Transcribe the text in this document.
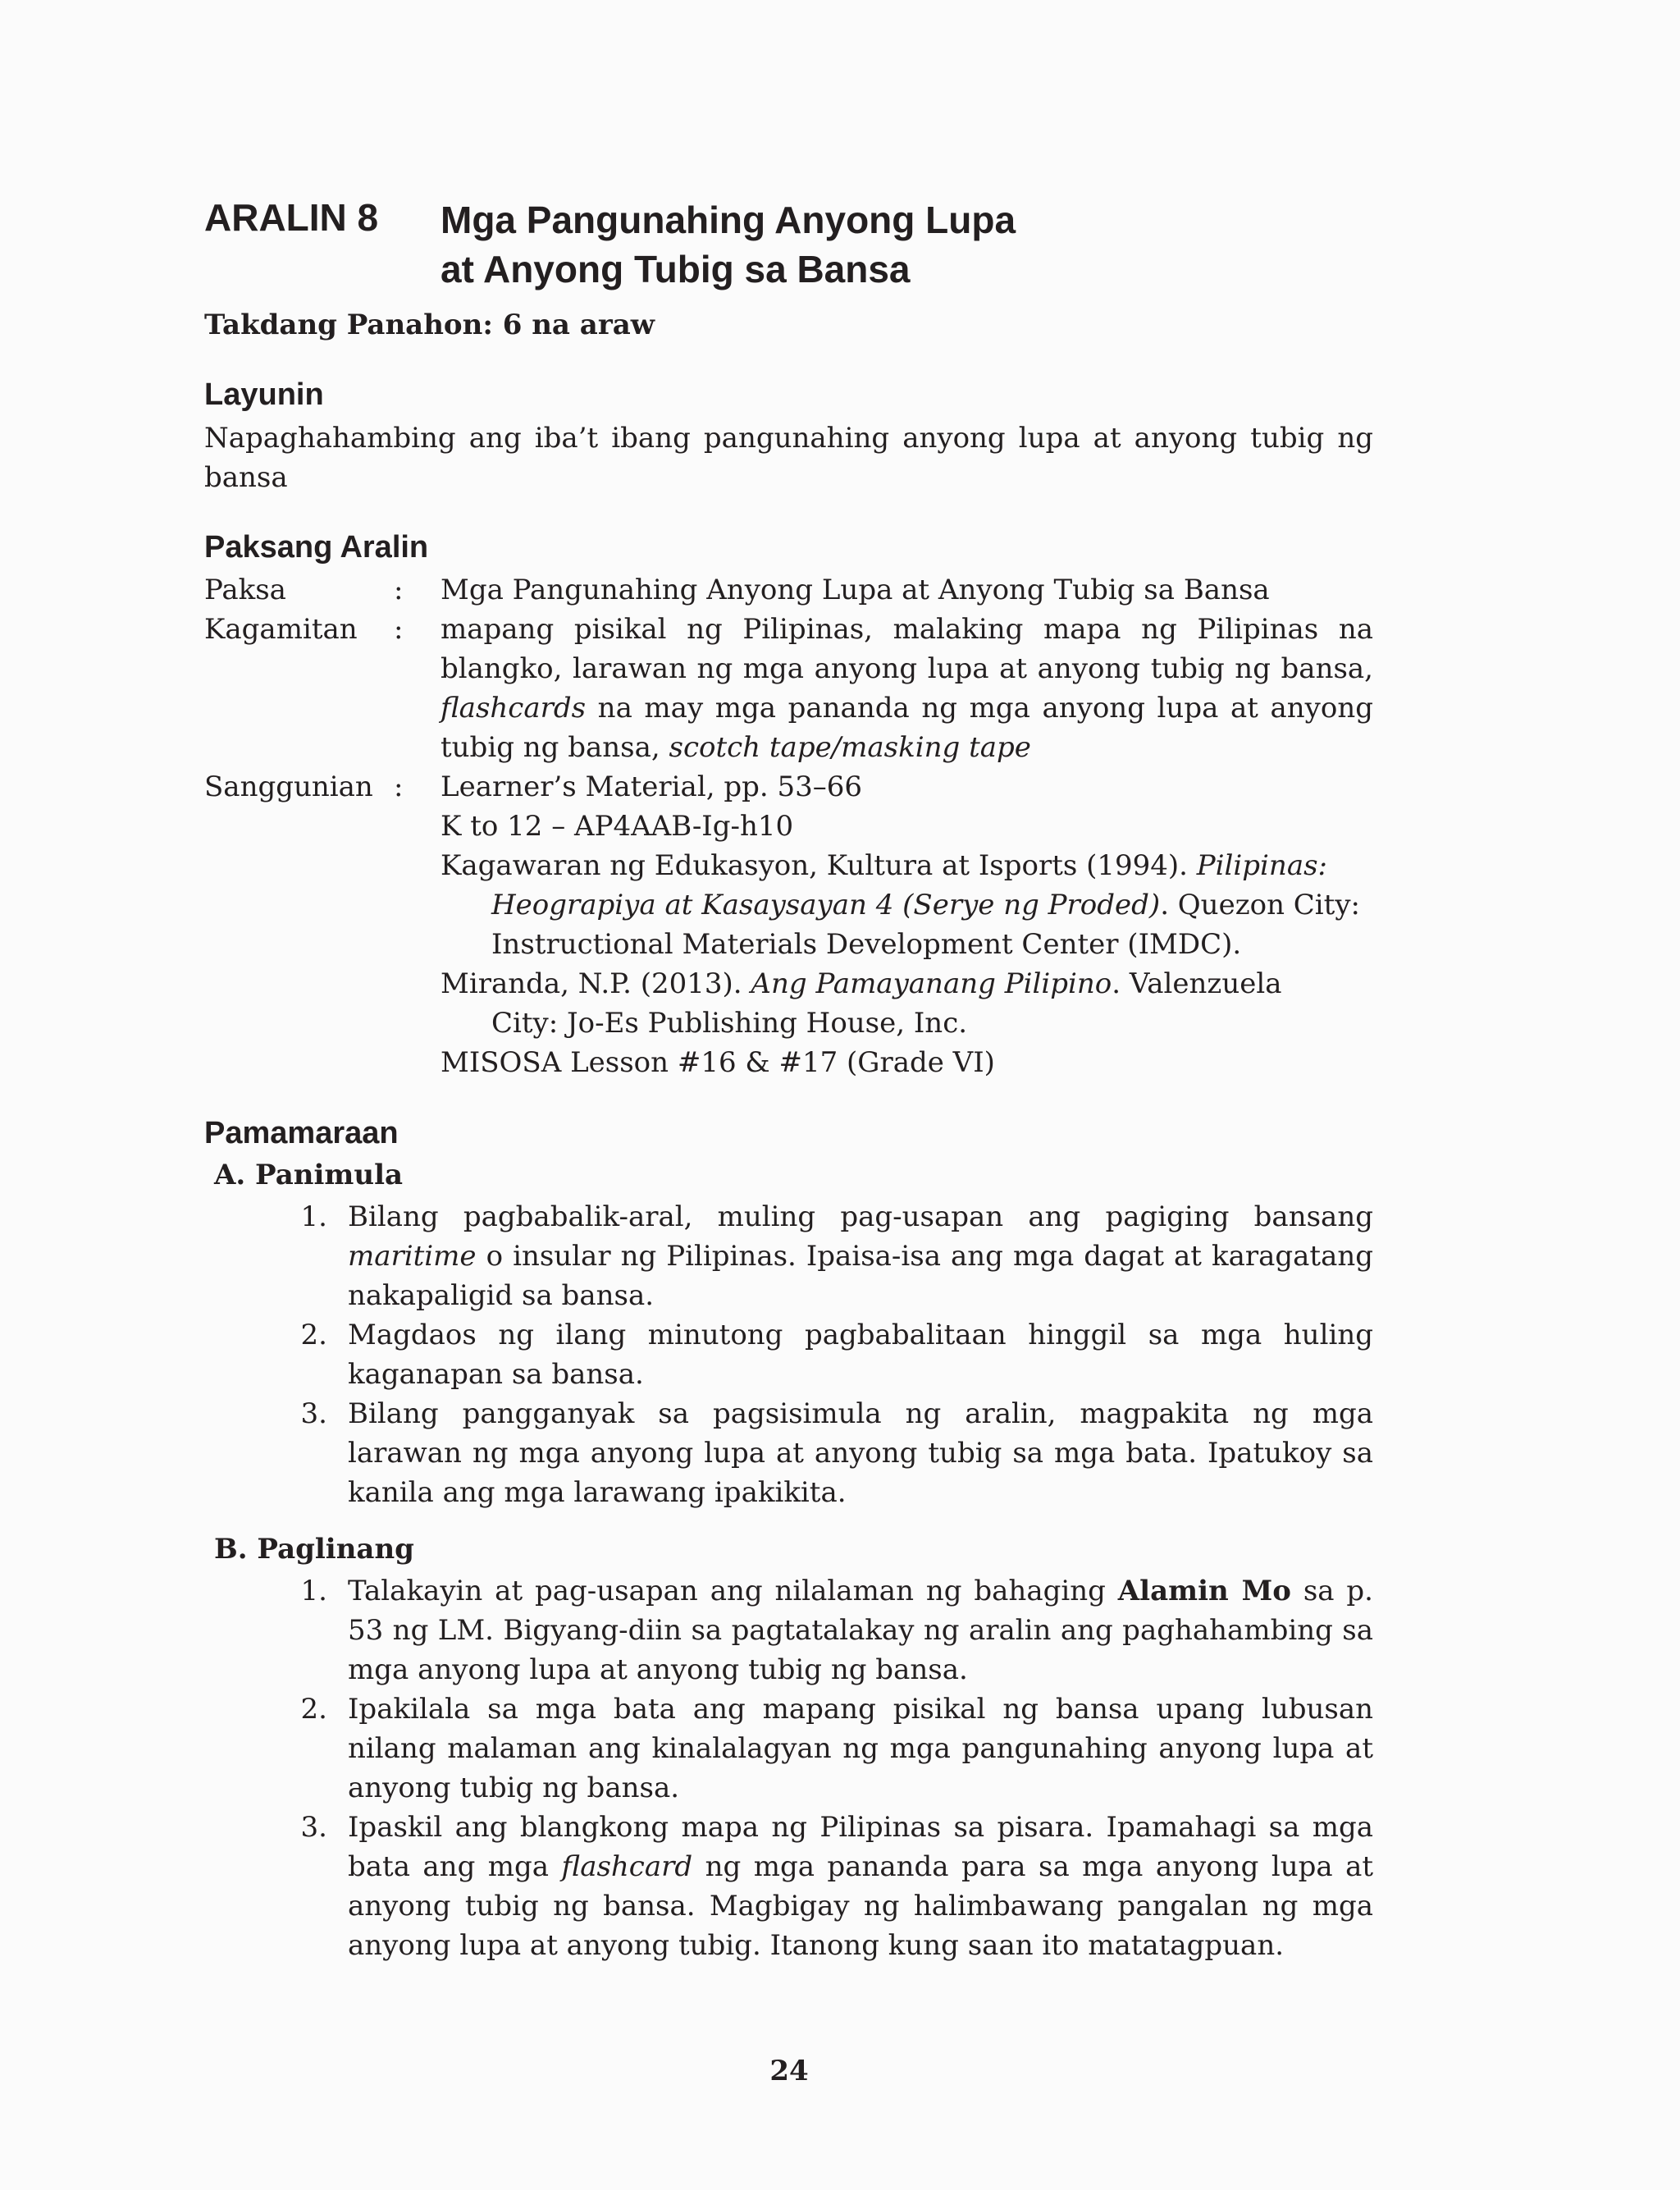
ARALIN 8 Mga Pangunahing Anyong Lupa
at Anyong Tubig sa Bansa
Takdang Panahon: 6 na araw
Layunin
Napaghahambing ang iba’t ibang pangunahing anyong lupa at anyong tubig ng bansa
Paksang Aralin
Paksa	: Mga Pangunahing Anyong Lupa at Anyong Tubig sa Bansa
Kagamitan : mapang pisikal ng Pilipinas, malaking mapa ng Pilipinas na blangko, larawan ng mga anyong lupa at anyong tubig ng bansa, flashcards na may mga pananda ng mga anyong lupa at anyong tubig ng bansa, scotch tape/masking tape
Sanggunian : Learner’s Material, pp. 53–66
K to 12 – AP4AAB-Ig-h10
Kagawaran ng Edukasyon, Kultura at Isports (1994). Pilipinas:
Heograpiya at Kasaysayan 4 (Serye ng Proded). Quezon City:
Instructional Materials Development Center (IMDC).
Miranda, N.P. (2013). Ang Pamayanang Pilipino. Valenzuela
City: Jo-Es Publishing House, Inc.
MISOSA Lesson #16 & #17 (Grade VI)
Pamamaraan
A. Panimula
1. Bilang pagbabalik-aral, muling pag-usapan ang pagiging bansang maritime o insular ng Pilipinas. Ipaisa-isa ang mga dagat at karagatang nakapaligid sa bansa.
2. Magdaos ng ilang minutong pagbabalitaan hinggil sa mga huling kaganapan sa bansa.
3. Bilang pangganyak sa pagsisimula ng aralin, magpakita ng mga larawan ng mga anyong lupa at anyong tubig sa mga bata. Ipatukoy sa kanila ang mga larawang ipakikita.
B. Paglinang
1. Talakayin at pag-usapan ang nilalaman ng bahaging Alamin Mo sa p. 53 ng LM. Bigyang-diin sa pagtatalakay ng aralin ang paghahambing sa mga anyong lupa at anyong tubig ng bansa.
2. Ipakilala sa mga bata ang mapang pisikal ng bansa upang lubusan nilang malaman ang kinalalagyan ng mga pangunahing anyong lupa at anyong tubig ng bansa.
3. Ipaskil ang blangkong mapa ng Pilipinas sa pisara. Ipamahagi sa mga bata ang mga flashcard ng mga pananda para sa mga anyong lupa at anyong tubig ng bansa. Magbigay ng halimbawang pangalan ng mga anyong lupa at anyong tubig. Itanong kung saan ito matatagpuan.
24
